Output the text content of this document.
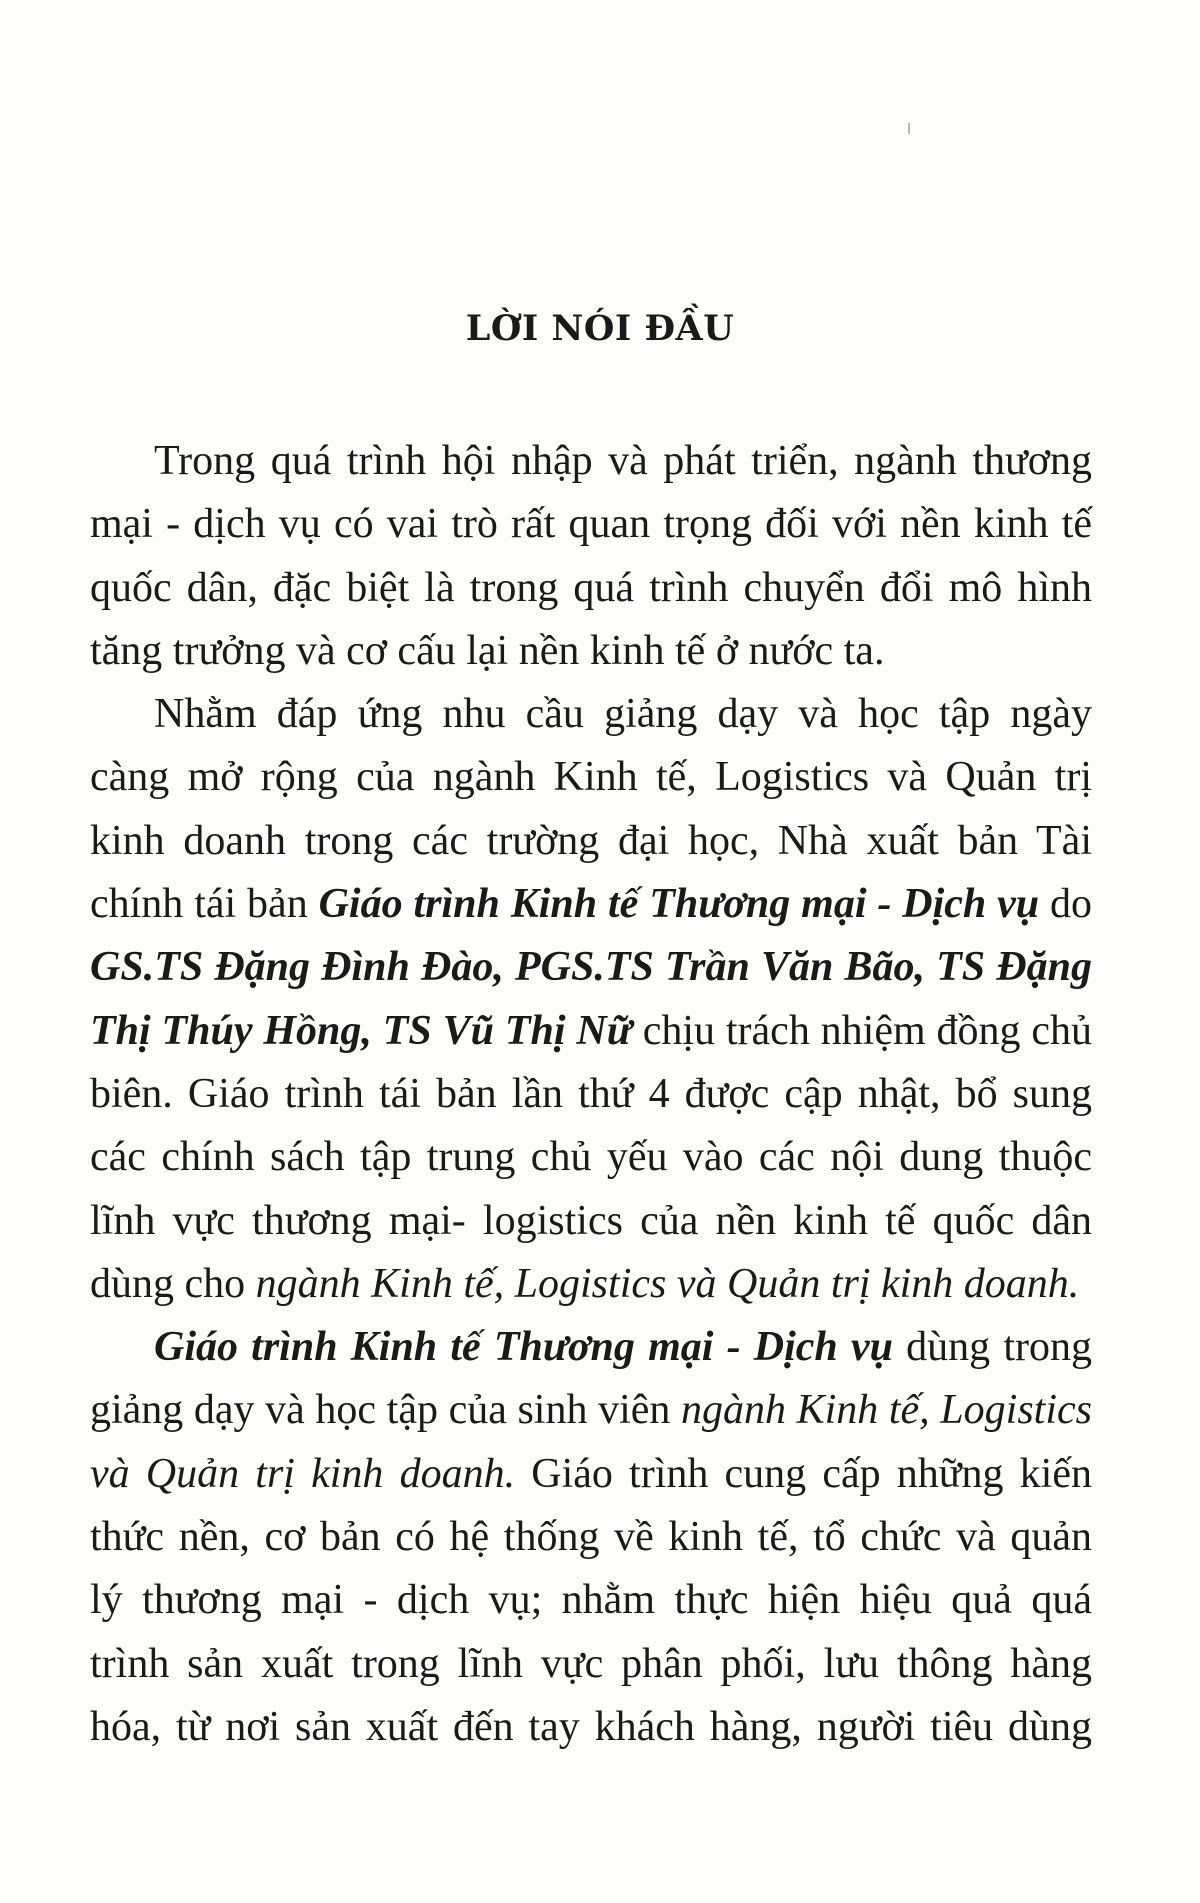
LỜI NÓI ĐẦU
Trong quá trình hội nhập và phát triển, ngành thương
mại - dịch vụ có vai trò rất quan trọng đối với nền kinh tế
quốc dân, đặc biệt là trong quá trình chuyển đổi mô hình
tăng trưởng và cơ cấu lại nền kinh tế ở nước ta.
Nhằm đáp ứng nhu cầu giảng dạy và học tập ngày
càng mở rộng của ngành Kinh tế, Logistics và Quản trị
kinh doanh trong các trường đại học, Nhà xuất bản Tài
chính tái bản Giáo trình Kinh tế Thương mại - Dịch vụ do
GS.TS Đặng Đình Đào, PGS.TS Trần Văn Bão, TS Đặng
Thị Thúy Hồng, TS Vũ Thị Nữ chịu trách nhiệm đồng chủ
biên. Giáo trình tái bản lần thứ 4 được cập nhật, bổ sung
các chính sách tập trung chủ yếu vào các nội dung thuộc
lĩnh vực thương mại- logistics của nền kinh tế quốc dân
dùng cho ngành Kinh tế, Logistics và Quản trị kinh doanh.
Giáo trình Kinh tế Thương mại - Dịch vụ dùng trong
giảng dạy và học tập của sinh viên ngành Kinh tế, Logistics
và Quản trị kinh doanh. Giáo trình cung cấp những kiến
thức nền, cơ bản có hệ thống về kinh tế, tổ chức và quản
lý thương mại - dịch vụ; nhằm thực hiện hiệu quả quá
trình sản xuất trong lĩnh vực phân phối, lưu thông hàng
hóa, từ nơi sản xuất đến tay khách hàng, người tiêu dùng
